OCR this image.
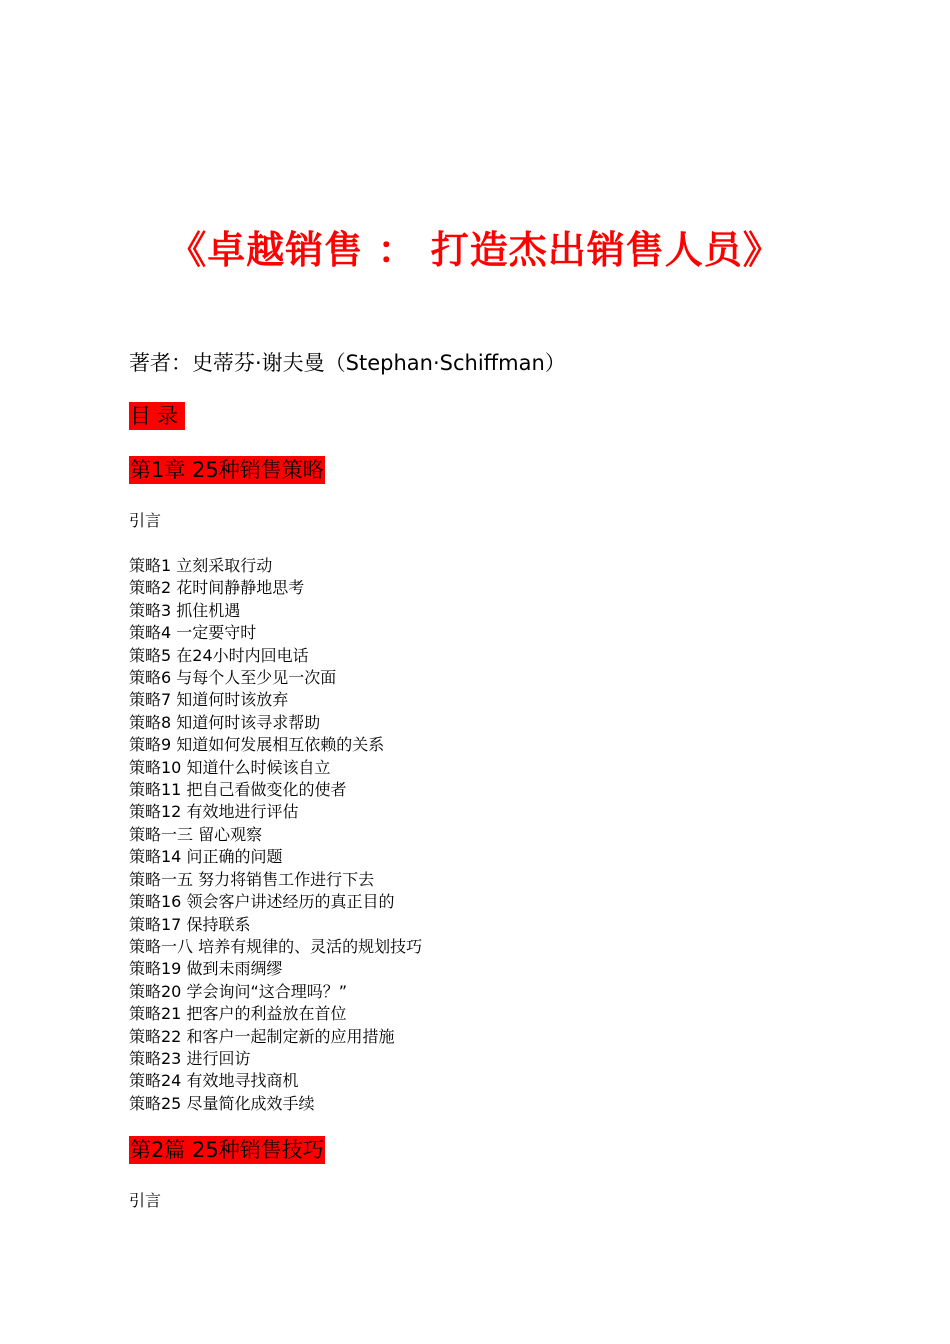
《卓越销售 ： 打造杰出销售人员》
著者：史蒂芬·谢夫曼（Stephan·Schiffman）
目录
第1章 25种销售策略
引言
策略1 立刻采取行动
策略2 花时间静静地思考
策略3 抓住机遇
策略4 一定要守时
策略5 在24小时内回电话
策略6 与每个人至少见一次面
策略7 知道何时该放弃
策略8 知道何时该寻求帮助
策略9 知道如何发展相互依赖的关系
策略10 知道什么时候该自立
策略11 把自己看做变化的使者
策略12 有效地进行评估
策略一三 留心观察
策略14 问正确的问题
策略一五 努力将销售工作进行下去
策略16 领会客户讲述经历的真正目的
策略17 保持联系
策略一八 培养有规律的、灵活的规划技巧
策略19 做到未雨绸缪
策略20 学会询问“这合理吗？”
策略21 把客户的利益放在首位
策略22 和客户一起制定新的应用措施
策略23 进行回访
策略24 有效地寻找商机
策略25 尽量简化成效手续
第2篇 25种销售技巧
引言
